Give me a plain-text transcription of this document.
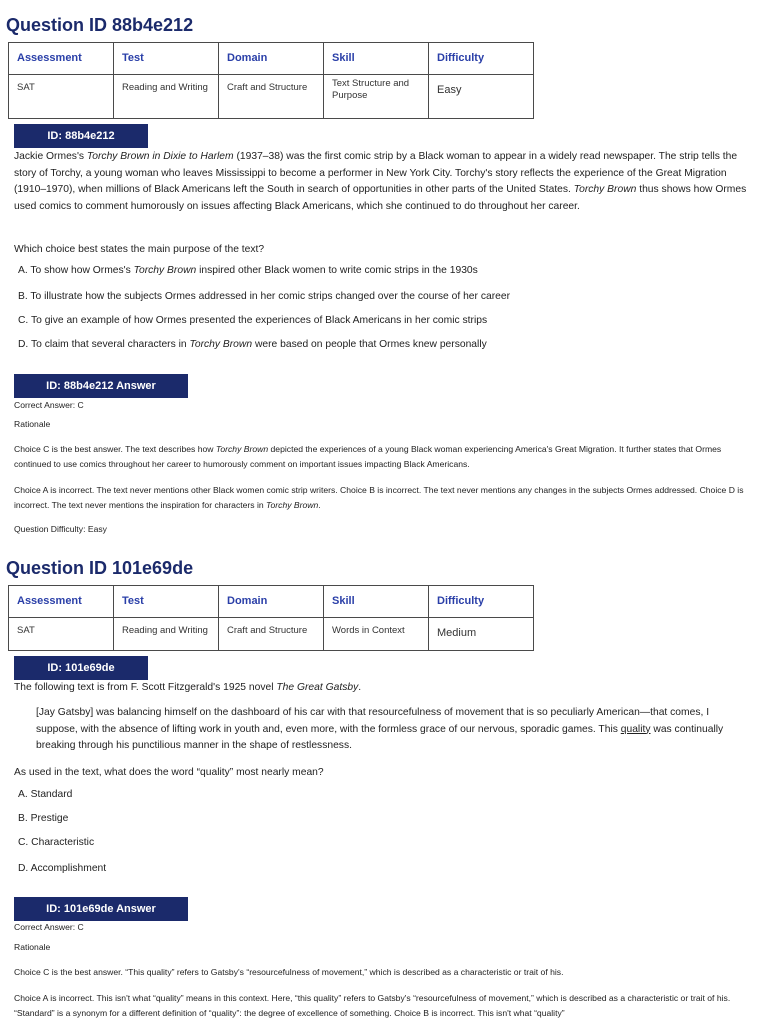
Question ID 88b4e212
Assessment	Test	Domain	Skill	Difficulty
SAT	Reading and Writing	Craft and Structure	Text Structure and Purpose	Easy
ID: 88b4e212

Jackie Ormes's Torchy Brown in Dixie to Harlem (1937–38) was the first comic strip by a Black woman to appear in a widely read newspaper. The strip tells the story of Torchy, a young woman who leaves Mississippi to become a performer in New York City. Torchy's story reflects the experience of the Great Migration (1910–1970), when millions of Black Americans left the South in search of opportunities in other parts of the United States. Torchy Brown thus shows how Ormes used comics to comment humorously on issues affecting Black Americans, which she continued to do throughout her career.

Which choice best states the main purpose of the text?

A. To show how Ormes's Torchy Brown inspired other Black women to write comic strips in the 1930s

B. To illustrate how the subjects Ormes addressed in her comic strips changed over the course of her career

C. To give an example of how Ormes presented the experiences of Black Americans in her comic strips

D. To claim that several characters in Torchy Brown were based on people that Ormes knew personally

ID: 88b4e212 Answer

Correct Answer: C

Rationale

Choice C is the best answer. The text describes how Torchy Brown depicted the experiences of a young Black woman experiencing America's Great Migration. It further states that Ormes continued to use comics throughout her career to humorously comment on important issues impacting Black Americans.

Choice A is incorrect. The text never mentions other Black women comic strip writers. Choice B is incorrect. The text never mentions any changes in the subjects Ormes addressed. Choice D is incorrect. The text never mentions the inspiration for characters in Torchy Brown.

Question Difficulty: Easy

Question ID 101e69de
Assessment	Test	Domain	Skill	Difficulty
SAT	Reading and Writing	Craft and Structure	Words in Context	Medium
ID: 101e69de

The following text is from F. Scott Fitzgerald's 1925 novel The Great Gatsby.

[Jay Gatsby] was balancing himself on the dashboard of his car with that resourcefulness of movement that is so peculiarly American—that comes, I suppose, with the absence of lifting work in youth and, even more, with the formless grace of our nervous, sporadic games. This quality was continually breaking through his punctilious manner in the shape of restlessness.

As used in the text, what does the word “quality” most nearly mean?

A. Standard

B. Prestige

C. Characteristic

D. Accomplishment

ID: 101e69de Answer

Correct Answer: C

Rationale

Choice C is the best answer. “This quality” refers to Gatsby's “resourcefulness of movement,” which is described as a characteristic or trait of his.

Choice A is incorrect. This isn't what “quality” means in this context. Here, “this quality” refers to Gatsby's “resourcefulness of movement,” which is described as a characteristic or trait of his. “Standard” is a synonym for a different definition of “quality”: the degree of excellence of something. Choice B is incorrect. This isn't what “quality”
